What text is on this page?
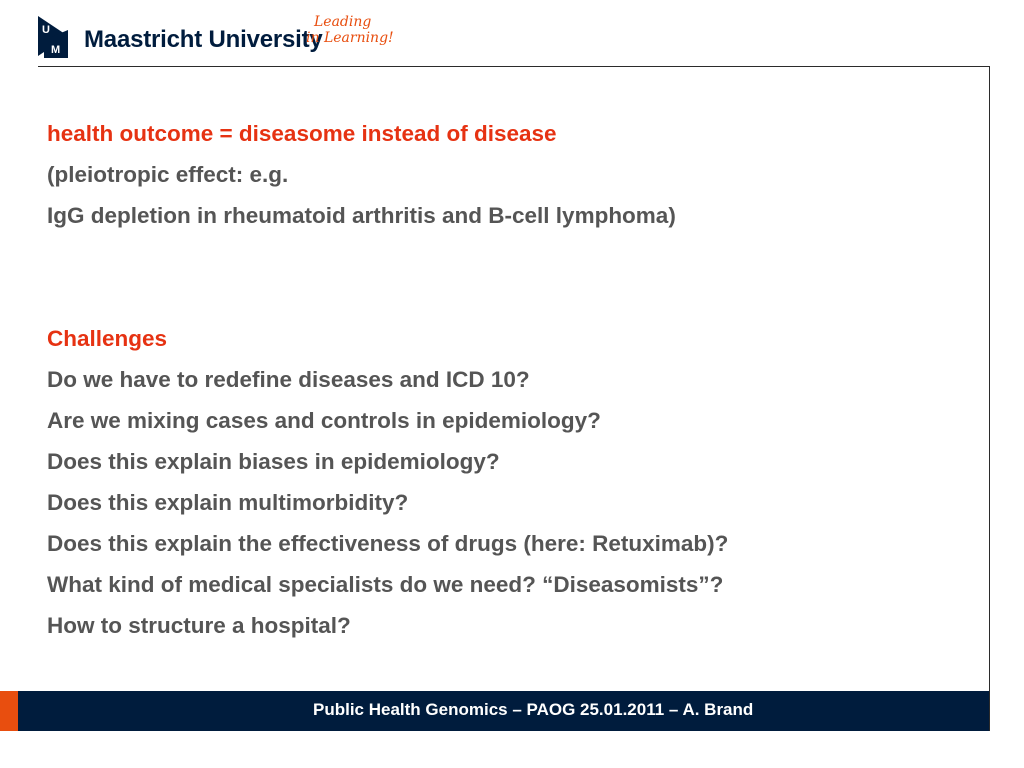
U
M Maastricht University
Leading
in Learning!
health outcome = diseasome instead of disease
(pleiotropic effect: e.g.
IgG depletion in rheumatoid arthritis and B-cell lymphoma)
Challenges
Do we have to redefine diseases and ICD 10?
Are we mixing cases and controls in epidemiology?
Does this explain biases in epidemiology?
Does this explain multimorbidity?
Does this explain the effectiveness of drugs (here: Retuximab)?
What kind of medical specialists do we need? “Diseasomists”?
How to structure a hospital?
Public Health Genomics – PAOG 25.01.2011 – A. Brand
